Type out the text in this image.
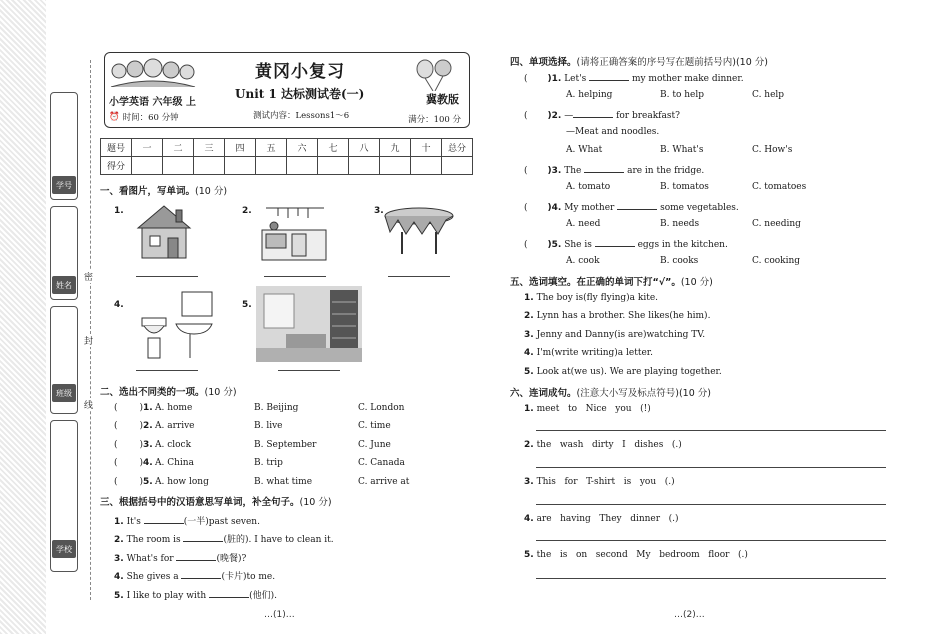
学号
姓名
班级
学校
密
封
线
黄冈小复习
小学英语 六年级 上
Unit 1 达标测试卷(一)	冀教版
⏰ 时间：60 分钟	测试内容：Lessons1～6	满分：100 分
题号	一	二	三	四	五	六	七	八	九	十	总分
得分											
一、看图片，写单词。(10 分)
1.	2.	3.
4.	5.
二、选出不同类的一项。(10 分)
( )1. A. home	B. Beijing	C. London
( )2. A. arrive	B. live	C. time
( )3. A. clock	B. September	C. June
( )4. A. China	B. trip	C. Canada
( )5. A. how long	B. what time	C. arrive at
三、根据括号中的汉语意思写单词，补全句子。(10 分)
1. It's	(一半)past seven.
2. The room is	(脏的). I have to clean it.
3. What's for	(晚餐)?
4. She gives a	(卡片)to me.
5. I like to play with	(他们).
…(1)…
四、单项选择。(请将正确答案的序号写在题前括号内)(10 分)
( )1. Let's	my mother make dinner.
A. helping	B. to help	C. help
( )2. —	for breakfast?
—Meat and noodles.
A. What	B. What's	C. How's
( )3. The	are in the fridge.
A. tomato	B. tomatos	C. tomatoes
( )4. My mother	some vegetables.
A. need	B. needs	C. needing
( )5. She is	eggs in the kitchen.
A. cook	B. cooks	C. cooking
五、选词填空。在正确的单词下打“√”。(10 分)
1. The boy is(fly flying)a kite.
2. Lynn has a brother. She likes(he him).
3. Jenny and Danny(is are)watching TV.
4. I'm(write writing)a letter.
5. Look at(we us). We are playing together.
六、连词成句。(注意大小写及标点符号)(10 分)
1. meet   to   Nice   you   (!)
2. the   wash   dirty   I   dishes   (.)
3. This   for   T-shirt   is   you   (.)
4. are   having   They   dinner   (.)
5. the   is   on   second   My   bedroom   floor   (.)
…(2)…
